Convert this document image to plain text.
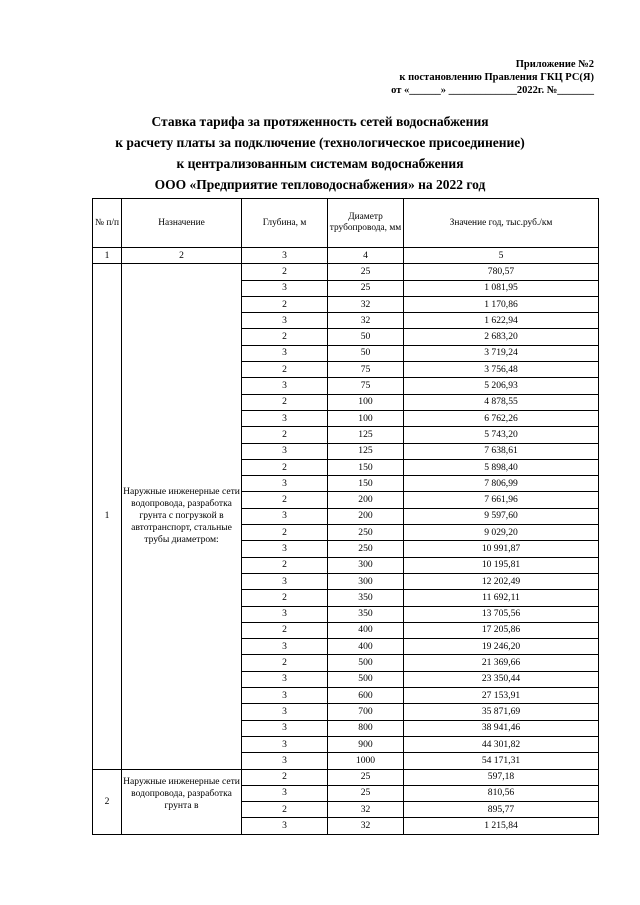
Приложение №2
к постановлению Правления ГКЦ РС(Я)
от «______» _____________2022г. №_______
Ставка тарифа за протяженность сетей водоснабжения
к расчету платы за подключение (технологическое присоединение)
к централизованным системам водоснабжения
ООО «Предприятие тепловодоснабжения» на 2022 год
№ п/п	Назначение	Глубина, м	Диаметр трубопровода, мм	Значение год, тыс.руб./км
1	2	3	4	5
1	Наружные инженерные сети водопровода, разработка грунта с погрузкой в автотранспорт, стальные трубы диаметром:	2	25	780,57
		3	25	1 081,95
		2	32	1 170,86
		3	32	1 622,94
		2	50	2 683,20
		3	50	3 719,24
		2	75	3 756,48
		3	75	5 206,93
		2	100	4 878,55
		3	100	6 762,26
		2	125	5 743,20
		3	125	7 638,61
		2	150	5 898,40
		3	150	7 806,99
		2	200	7 661,96
		3	200	9 597,60
		2	250	9 029,20
		3	250	10 991,87
		2	300	10 195,81
		3	300	12 202,49
		2	350	11 692,11
		3	350	13 705,56
		2	400	17 205,86
		3	400	19 246,20
		2	500	21 369,66
		3	500	23 350,44
		3	600	27 153,91
		3	700	35 871,69
		3	800	38 941,46
		3	900	44 301,82
		3	1000	54 171,31
2	Наружные инженерные сети водопровода, разработка грунта в	2	25	597,18
		3	25	810,56
		2	32	895,77
		3	32	1 215,84
